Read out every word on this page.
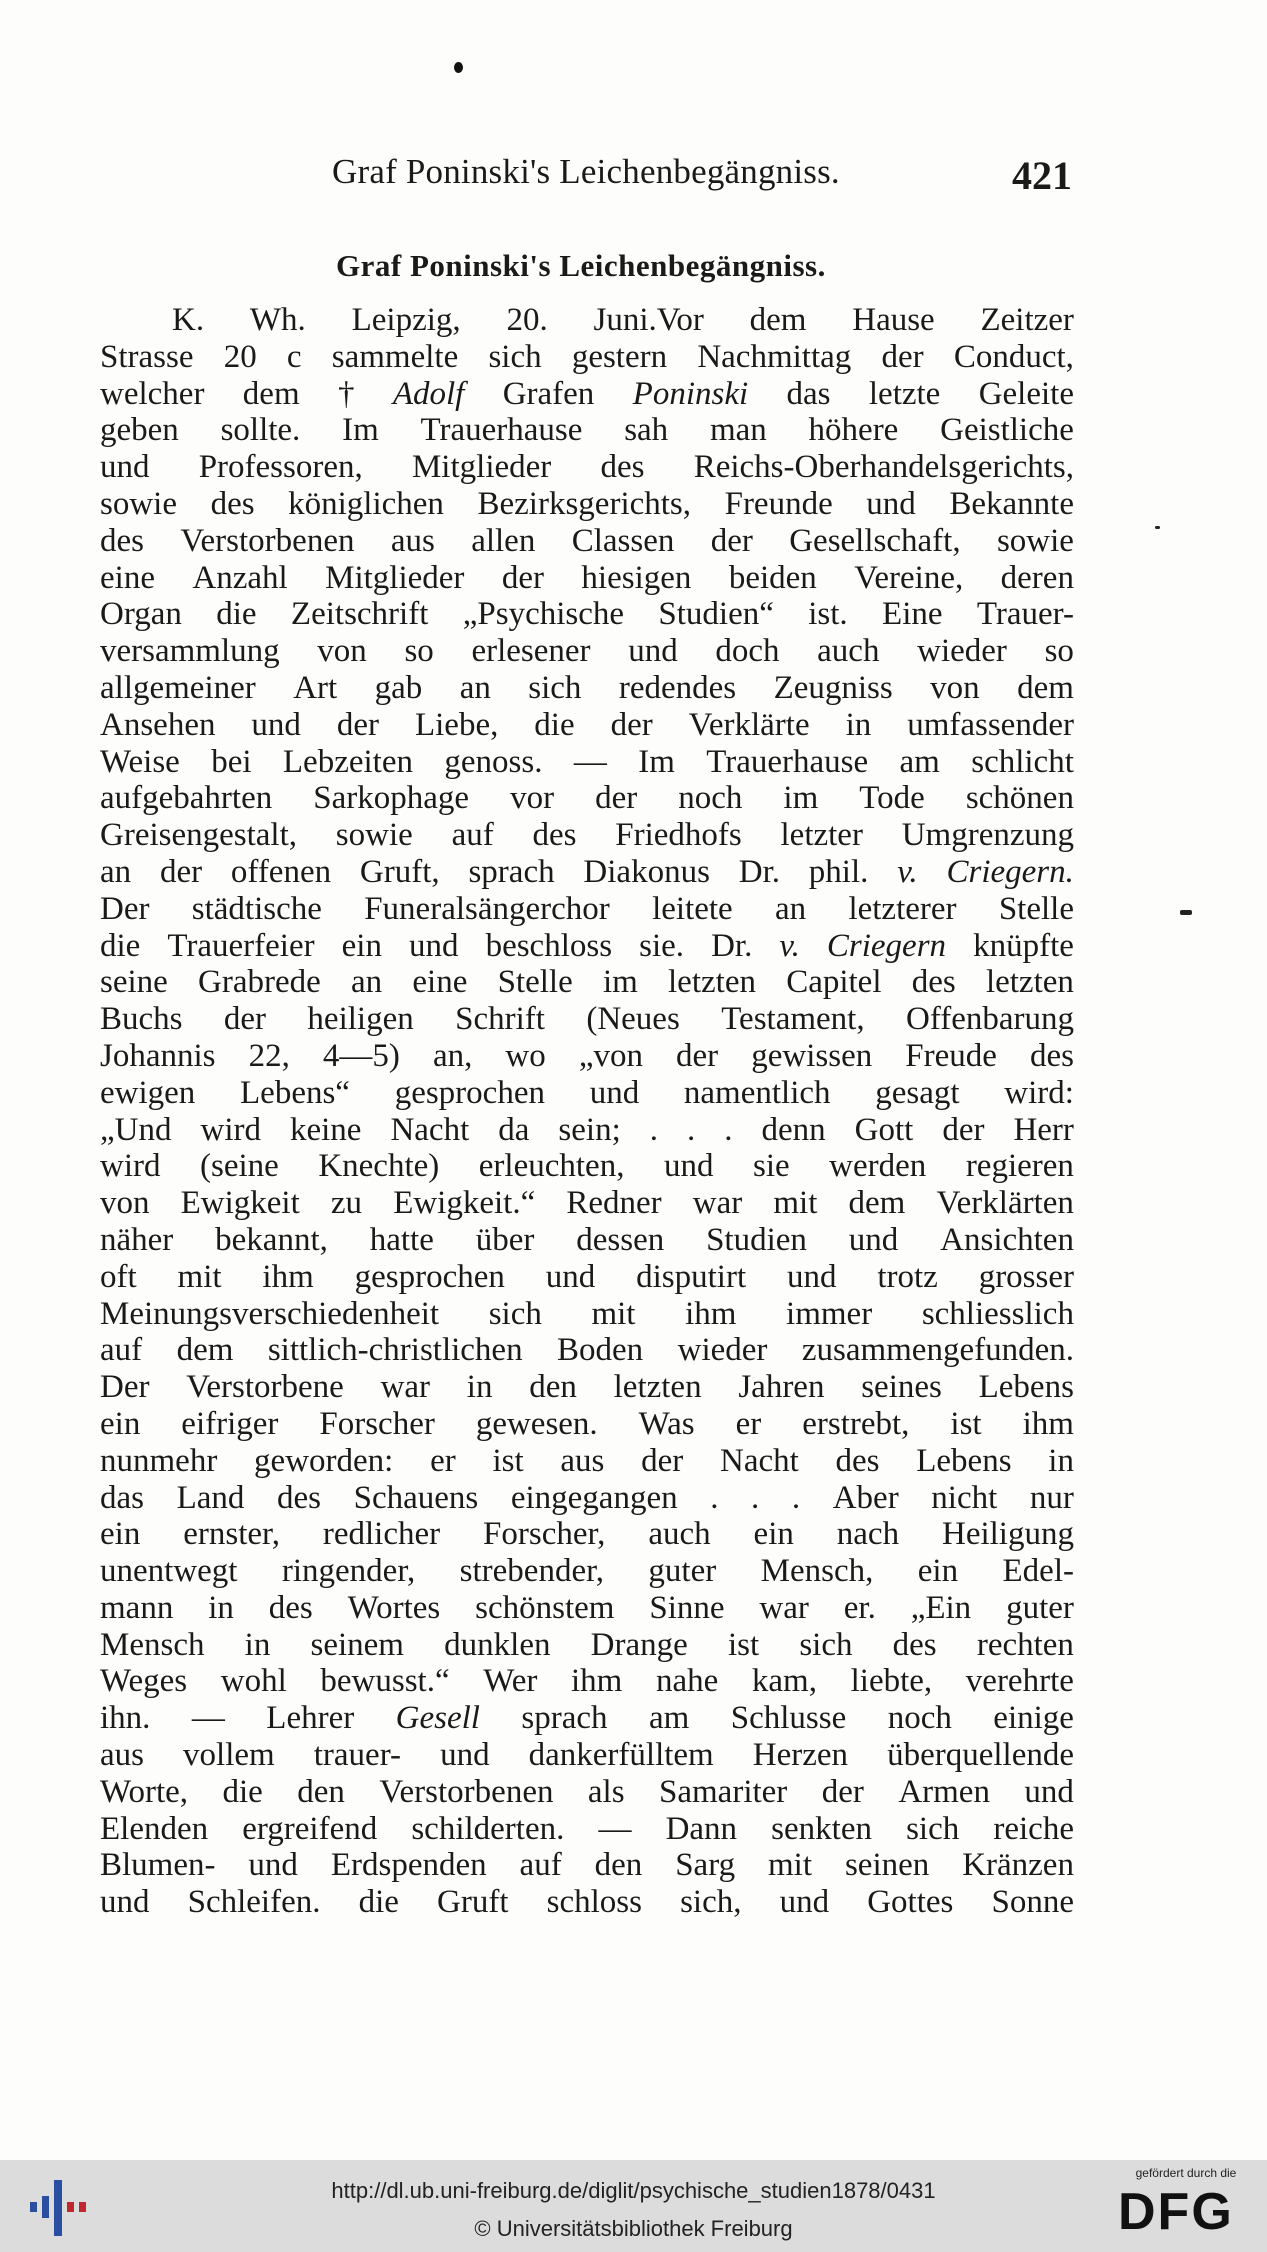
Graf Poninski's Leichenbegängniss.	421
Graf Poninski's Leichenbegängniss.
K. Wh. Leipzig, 20. Juni.Vor dem Hause Zeitzer
Strasse 20 c sammelte sich gestern Nachmittag der Conduct,
welcher dem † Adolf Grafen Poninski das letzte Geleite
geben sollte. Im Trauerhause sah man höhere Geistliche
und Professoren, Mitglieder des Reichs-Oberhandelsgerichts,
sowie des königlichen Bezirksgerichts, Freunde und Bekannte
des Verstorbenen aus allen Classen der Gesellschaft, sowie
eine Anzahl Mitglieder der hiesigen beiden Vereine, deren
Organ die Zeitschrift „Psychische Studien“ ist. Eine Trauer-
versammlung von so erlesener und doch auch wieder so
allgemeiner Art gab an sich redendes Zeugniss von dem
Ansehen und der Liebe, die der Verklärte in umfassender
Weise bei Lebzeiten genoss. — Im Trauerhause am schlicht
aufgebahrten Sarkophage vor der noch im Tode schönen
Greisengestalt, sowie auf des Friedhofs letzter Umgrenzung
an der offenen Gruft, sprach Diakonus Dr. phil. v. Criegern.
Der städtische Funeralsängerchor leitete an letzterer Stelle
die Trauerfeier ein und beschloss sie. Dr. v. Criegern knüpfte
seine Grabrede an eine Stelle im letzten Capitel des letzten
Buchs der heiligen Schrift (Neues Testament, Offenbarung
Johannis 22, 4—5) an, wo „von der gewissen Freude des
ewigen Lebens“ gesprochen und namentlich gesagt wird:
„Und wird keine Nacht da sein; . . . denn Gott der Herr
wird (seine Knechte) erleuchten, und sie werden regieren
von Ewigkeit zu Ewigkeit.“ Redner war mit dem Verklärten
näher bekannt, hatte über dessen Studien und Ansichten
oft mit ihm gesprochen und disputirt und trotz grosser
Meinungsverschiedenheit sich mit ihm immer schliesslich
auf dem sittlich-christlichen Boden wieder zusammengefunden.
Der Verstorbene war in den letzten Jahren seines Lebens
ein eifriger Forscher gewesen. Was er erstrebt, ist ihm
nunmehr geworden: er ist aus der Nacht des Lebens in
das Land des Schauens eingegangen . . . Aber nicht nur
ein ernster, redlicher Forscher, auch ein nach Heiligung
unentwegt ringender, strebender, guter Mensch, ein Edel-
mann in des Wortes schönstem Sinne war er. „Ein guter
Mensch in seinem dunklen Drange ist sich des rechten
Weges wohl bewusst.“ Wer ihm nahe kam, liebte, verehrte
ihn. — Lehrer Gesell sprach am Schlusse noch einige
aus vollem trauer- und dankerfülltem Herzen überquellende
Worte, die den Verstorbenen als Samariter der Armen und
Elenden ergreifend schilderten. — Dann senkten sich reiche
Blumen- und Erdspenden auf den Sarg mit seinen Kränzen
und Schleifen. die Gruft schloss sich, und Gottes Sonne
http://dl.ub.uni-freiburg.de/diglit/psychische_studien1878/0431
© Universitätsbibliothek Freiburg
gefördert durch die
DFG
